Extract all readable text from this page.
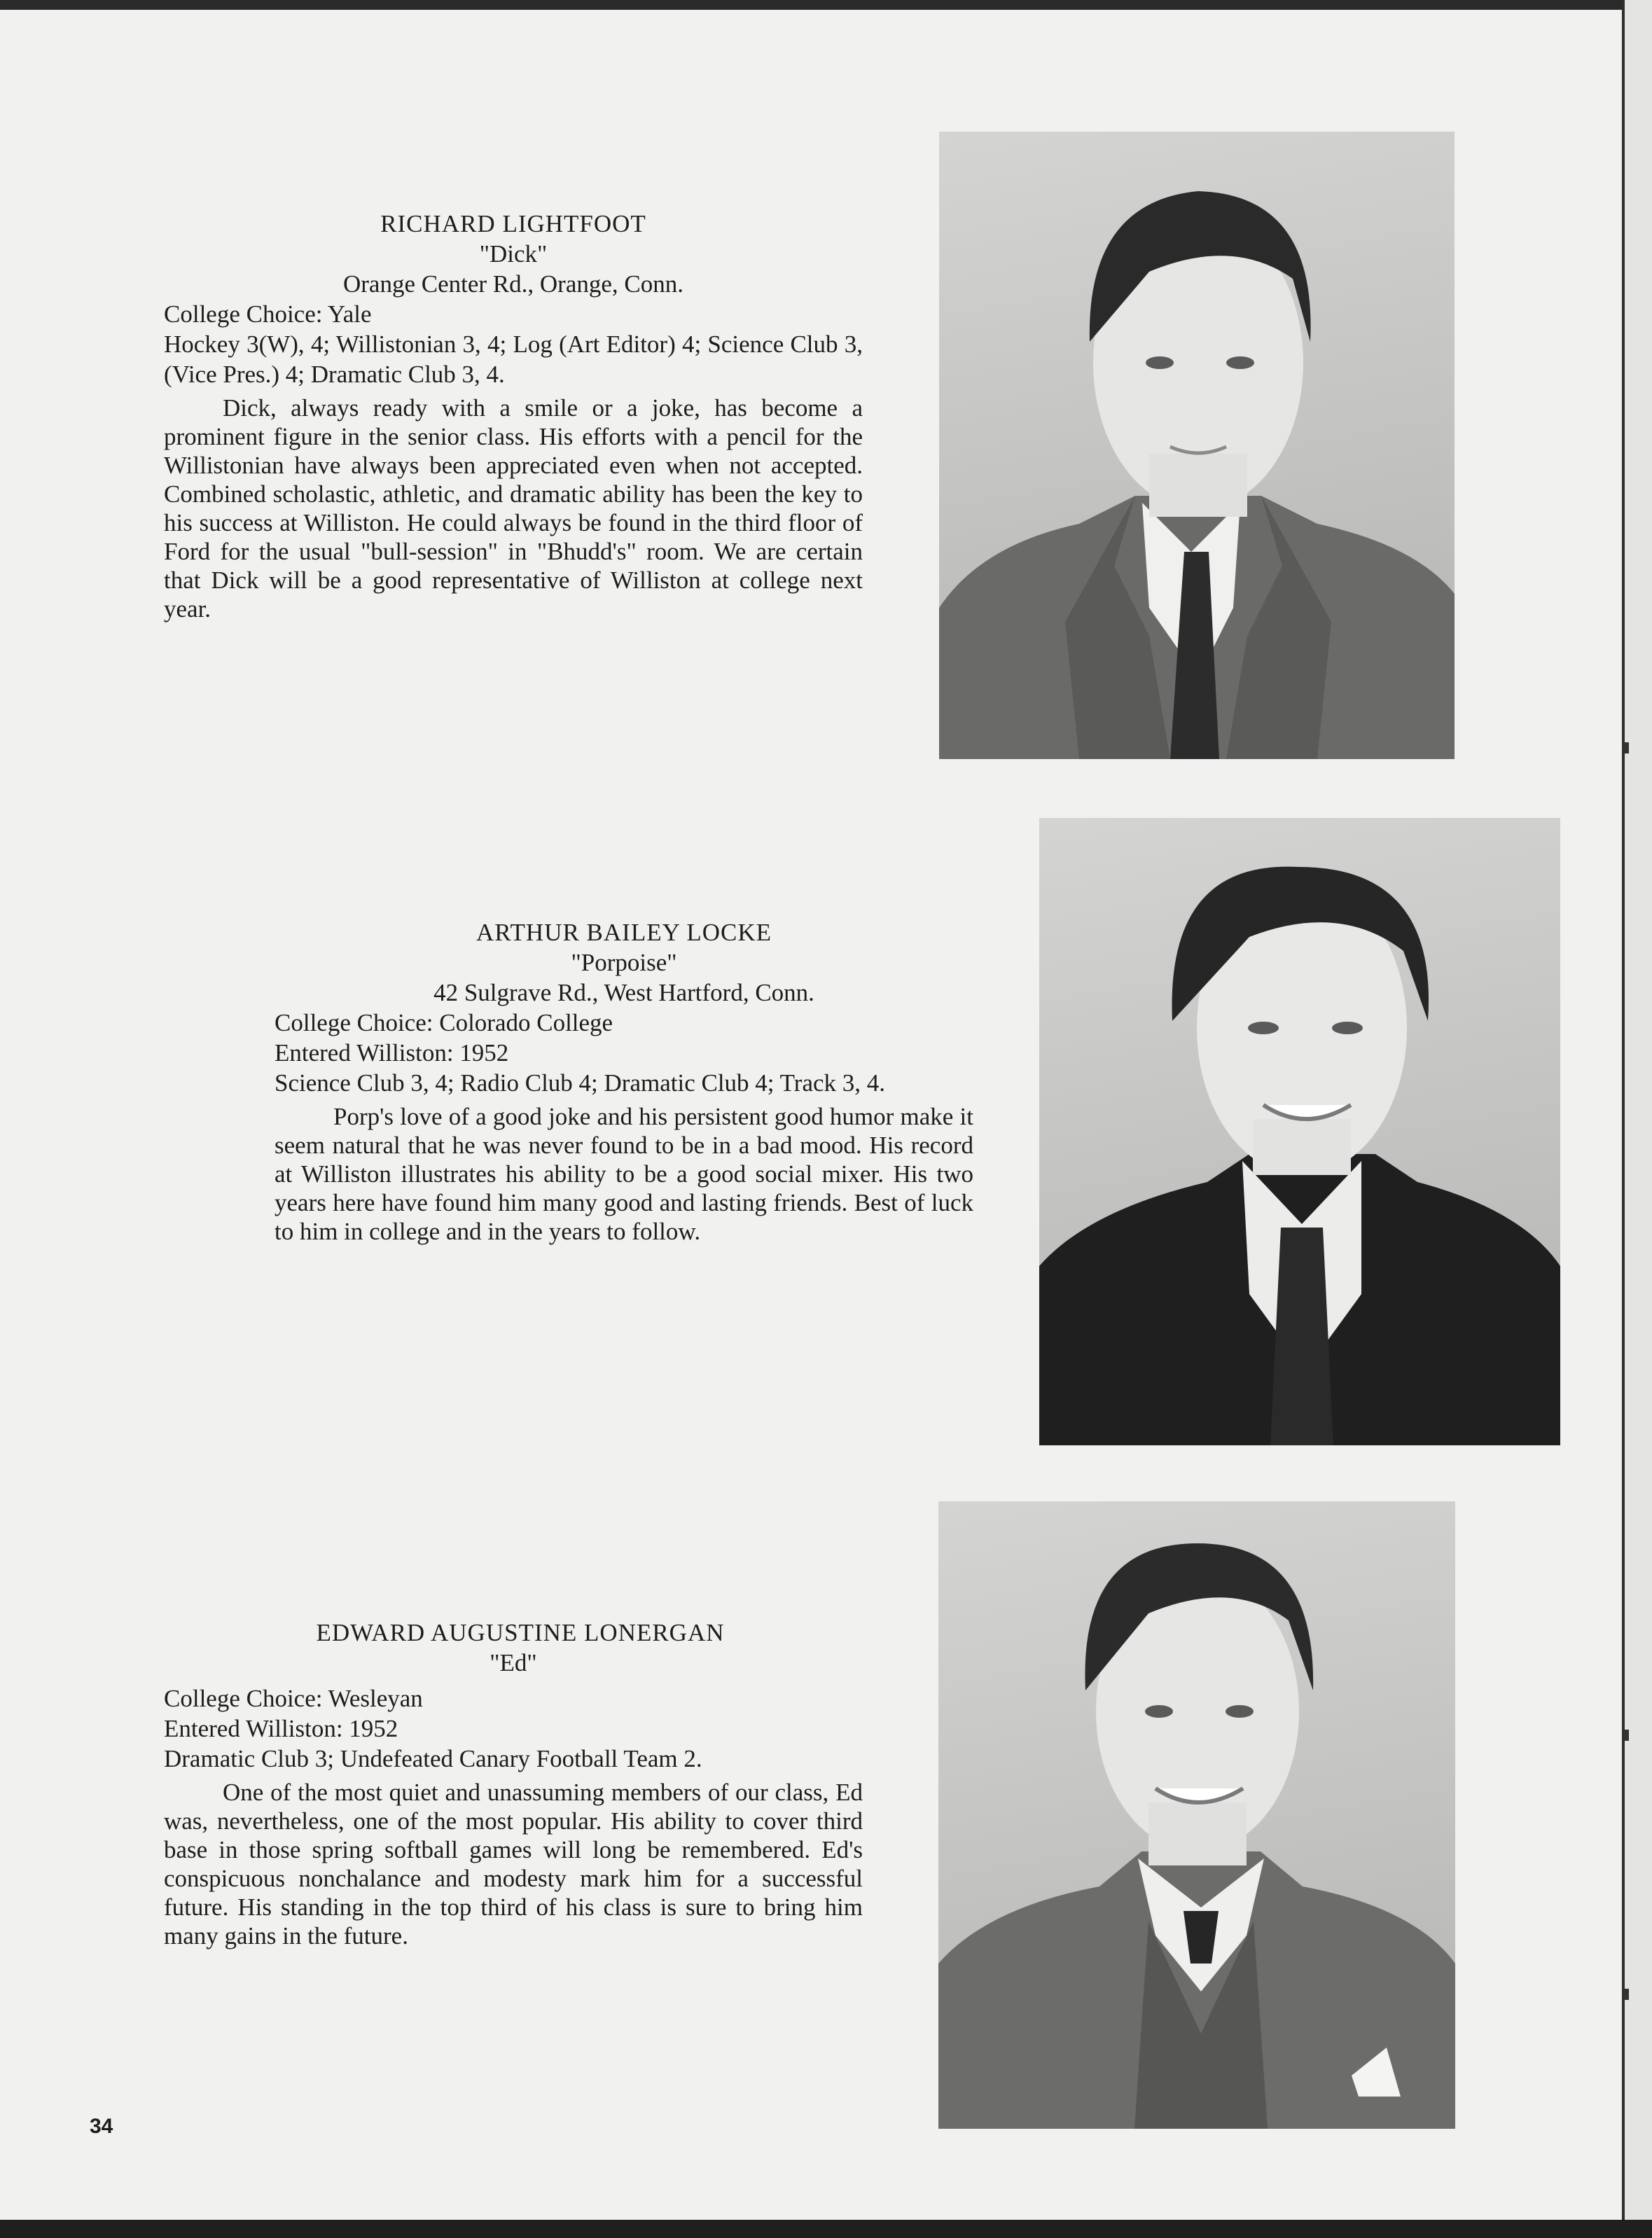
RICHARD LIGHTFOOT
"Dick"
Orange Center Rd., Orange, Conn.
College Choice: Yale
Hockey 3(W), 4; Willistonian 3, 4; Log (Art Editor) 4; Science Club 3, (Vice Pres.) 4; Dramatic Club 3, 4.
Dick, always ready with a smile or a joke, has become a prominent figure in the senior class. His efforts with a pencil for the Willistonian have always been appreciated even when not accepted. Combined scholastic, athletic, and dramatic ability has been the key to his success at Williston. He could always be found in the third floor of Ford for the usual "bull-session" in "Bhudd's" room. We are certain that Dick will be a good representative of Williston at college next year.
ARTHUR BAILEY LOCKE
"Porpoise"
42 Sulgrave Rd., West Hartford, Conn.
College Choice: Colorado College
Entered Williston: 1952
Science Club 3, 4; Radio Club 4; Dramatic Club 4; Track 3, 4.
Porp's love of a good joke and his persistent good humor make it seem natural that he was never found to be in a bad mood. His record at Williston illustrates his ability to be a good social mixer. His two years here have found him many good and lasting friends. Best of luck to him in college and in the years to follow.
EDWARD AUGUSTINE LONERGAN
"Ed"
College Choice: Wesleyan
Entered Williston: 1952
Dramatic Club 3; Undefeated Canary Football Team 2.
One of the most quiet and unassuming members of our class, Ed was, nevertheless, one of the most popular. His ability to cover third base in those spring softball games will long be remembered. Ed's conspicuous nonchalance and modesty mark him for a successful future. His standing in the top third of his class is sure to bring him many gains in the future.
34
